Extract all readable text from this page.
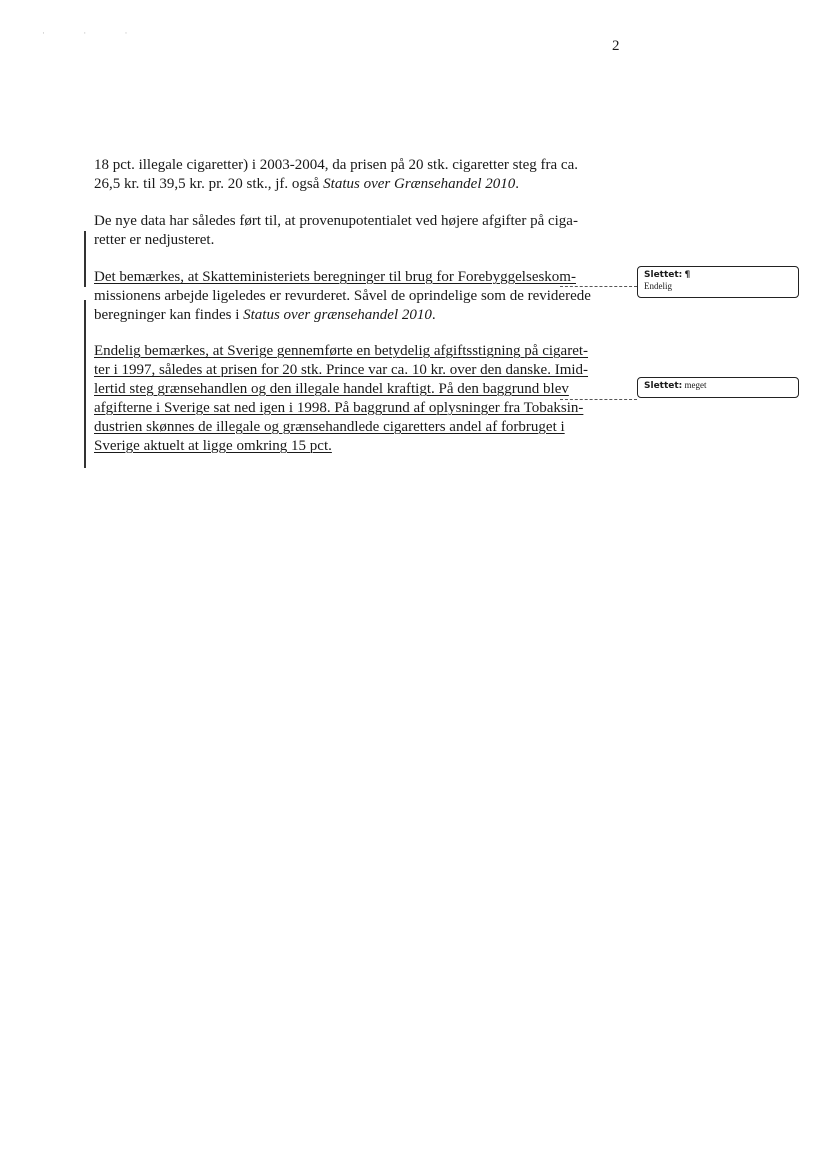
· · ·
2
18 pct. illegale cigaretter) i 2003-2004, da prisen på 20 stk. cigaretter steg fra ca.
26,5 kr. til 39,5 kr. pr. 20 stk., jf. også Status over Grænsehandel 2010.
De nye data har således ført til, at provenupotentialet ved højere afgifter på ciga-
retter er nedjusteret.
Det bemærkes, at Skatteministeriets beregninger til brug for Forebyggelseskom-
missionens arbejde ligeledes er revurderet. Såvel de oprindelige som de reviderede
beregninger kan findes i Status over grænsehandel 2010.
Endelig bemærkes, at Sverige gennemførte en betydelig afgiftsstigning på cigaret-
ter i 1997, således at prisen for 20 stk. Prince var ca. 10 kr. over den danske. Imid-
lertid steg grænsehandlen og den illegale handel kraftigt. På den baggrund blev
afgifterne i Sverige sat ned igen i 1998. På baggrund af oplysninger fra Tobaksin-
dustrien skønnes de illegale og grænsehandlede cigaretters andel af forbruget i
Sverige aktuelt at ligge omkring 15 pct.
Slettet: ¶
Endelig
Slettet: meget
